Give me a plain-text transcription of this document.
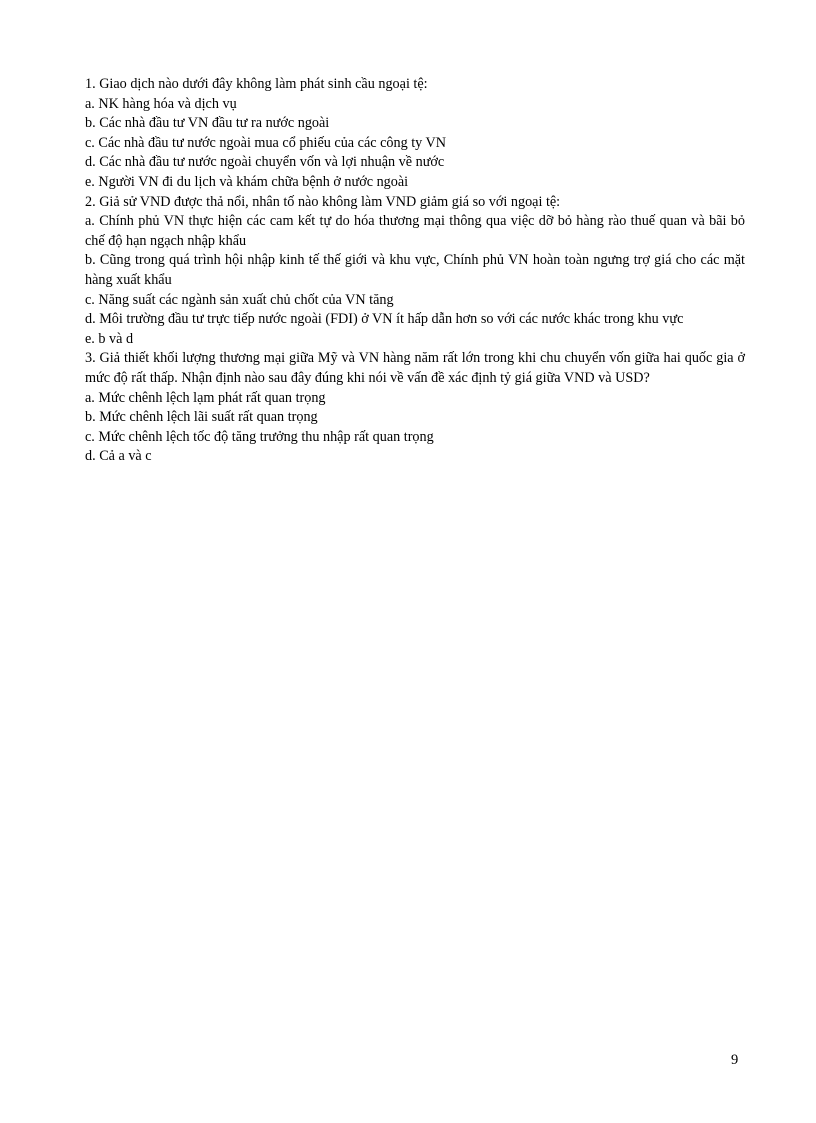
1. Giao dịch nào dưới đây không làm phát sinh cầu ngoại tệ:
a. NK hàng hóa và dịch vụ
b. Các nhà đầu tư VN đầu tư ra nước ngoài
c. Các nhà đầu tư nước ngoài mua cổ phiếu của các công ty VN
d. Các nhà đầu tư nước ngoài chuyển vốn và lợi nhuận về nước
e. Người VN đi du lịch và khám chữa bệnh ở nước ngoài
2. Giả sử VND được thả nổi, nhân tố nào không làm VND giảm giá so với ngoại tệ:
a. Chính phủ VN thực hiện các cam kết tự do hóa thương mại thông qua việc dỡ bỏ hàng rào thuế quan và bãi bỏ chế độ hạn ngạch nhập khẩu
b. Cũng trong quá trình hội nhập kinh tế thế giới và khu vực, Chính phủ VN hoàn toàn ngưng trợ giá cho các mặt hàng xuất khẩu
c. Năng suất các ngành sản xuất chủ chốt của VN tăng
d. Môi trường đầu tư trực tiếp nước ngoài (FDI) ở VN ít hấp dẫn hơn so với các nước khác trong khu vực
e. b và d
3. Giả thiết khối lượng thương mại giữa Mỹ và VN hàng năm rất lớn trong khi chu chuyển vốn giữa hai quốc gia ở mức độ rất thấp. Nhận định nào sau đây đúng khi nói về vấn đề xác định tỷ giá giữa VND và USD?
a. Mức chênh lệch lạm phát rất quan trọng
b. Mức chênh lệch lãi suất rất quan trọng
c. Mức chênh lệch tốc độ tăng trưởng thu nhập rất quan trọng
d. Cả a và c
9
